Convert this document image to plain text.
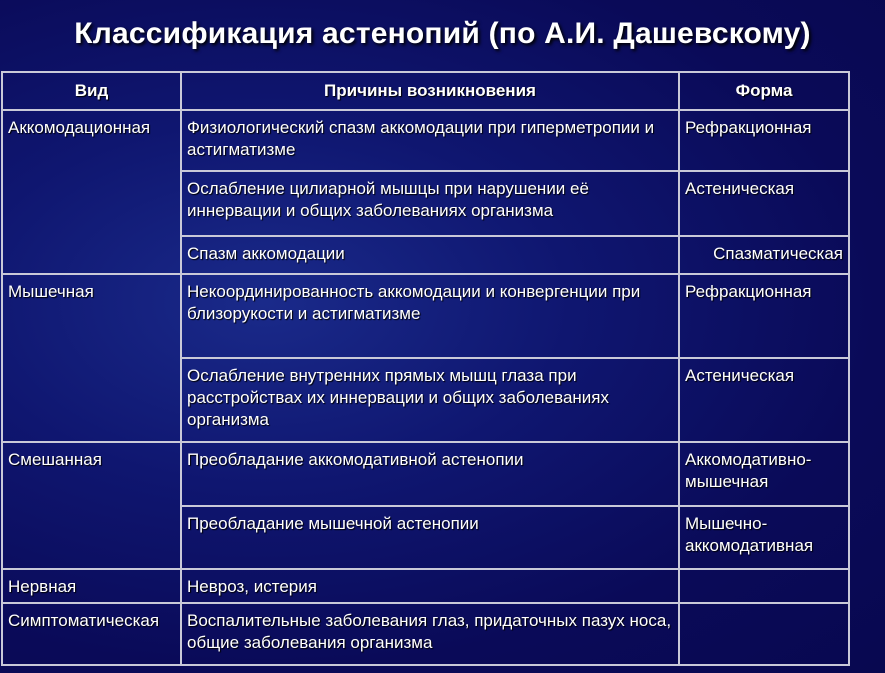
Классификация астенопий (по А.И. Дашевскому)
Вид	Причины возникновения	Форма
Аккомодационная	Физиологический спазм аккомодации при гиперметропии и астигматизме	Рефракционная
	Ослабление цилиарной мышцы при нарушении её иннервации и общих заболеваниях организма	Астеническая
	Спазм аккомодации	Спазматическая
Мышечная	Некоординированность аккомодации и конвергенции при близорукости и астигматизме	Рефракционная
	Ослабление внутренних прямых мышц глаза при расстройствах их иннервации и общих заболеваниях организма	Астеническая
Смешанная	Преобладание аккомодативной астенопии	Аккомодативно-мышечная
	Преобладание мышечной астенопии	Мышечно-аккомодативная
Нервная	Невроз, истерия	
Симптоматическая	Воспалительные заболевания глаз, придаточных пазух носа, общие заболевания организма	
